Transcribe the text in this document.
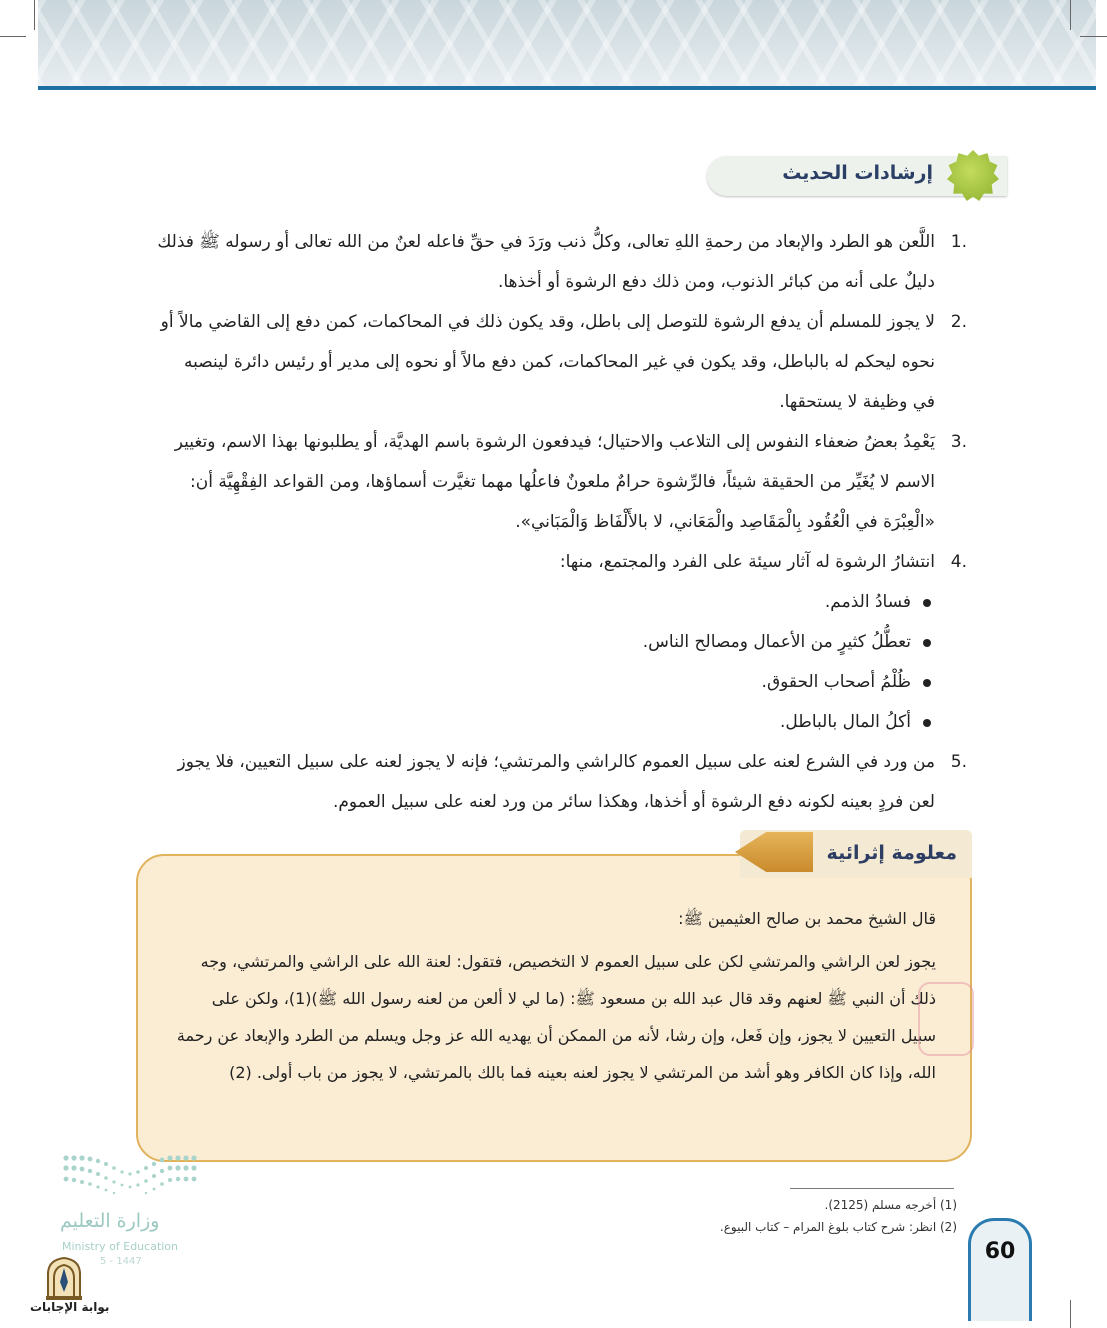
إرشادات الحديث
.1
اللَّعن هو الطرد والإبعاد من رحمةِ اللهِ تعالى، وكلُّ ذنب ورَدَ في حقِّ فاعله لعنٌ من الله تعالى أو رسوله ﷺ فذلك دليلٌ على أنه من كبائر الذنوب، ومن ذلك دفع الرشوة أو أخذها.
.2
لا يجوز للمسلم أن يدفع الرشوة للتوصل إلى باطل، وقد يكون ذلك في المحاكمات، كمن دفع إلى القاضي مالاً أو نحوه ليحكم له بالباطل، وقد يكون في غير المحاكمات، كمن دفع مالاً أو نحوه إلى مدير أو رئيس دائرة لينصبه في وظيفة لا يستحقها.
.3
يَعْمِدُ بعضُ ضعفاء النفوس إلى التلاعب والاحتيال؛ فيدفعون الرشوة باسم الهديَّة، أو يطلبونها بهذا الاسم، وتغيير الاسم لا يُغَيِّر من الحقيقة شيئاً، فالرِّشوة حرامٌ ملعونٌ فاعلُها مهما تغيَّرت أسماؤها، ومن القواعد الفِقْهِيَّة أن: «الْعِبْرَة في الْعُقُود بِالْمَقَاصِد والْمَعَاني، لا بالأَلْفَاظ وَالْمَبَاني».
.4
انتشارُ الرشوة له آثار سيئة على الفرد والمجتمع، منها:
فسادُ الذمم.
تعطُّلُ كثيرٍ من الأعمال ومصالح الناس.
ظُلْمُ أصحاب الحقوق.
أكلُ المال بالباطل.
.5
من ورد في الشرع لعنه على سبيل العموم كالراشي والمرتشي؛ فإنه لا يجوز لعنه على سبيل التعيين، فلا يجوز لعن فردٍ بعينه لكونه دفع الرشوة أو أخذها، وهكذا سائر من ورد لعنه على سبيل العموم.

قال الشيخ محمد بن صالح العثيمين ﷺ:

يجوز لعن الراشي والمرتشي لكن على سبيل العموم لا التخصيص، فتقول: لعنة الله على الراشي والمرتشي، وجه ذلك أن النبي ﷺ لعنهم وقد قال عبد الله بن مسعود ﷺ: (ما لي لا ألعن من لعنه رسول الله ﷺ)(1)، ولكن على سبيل التعيين لا يجوز، وإن فَعل، وإن رشا، لأنه من الممكن أن يهديه الله عز وجل ويسلم من الطرد والإبعاد عن رحمة الله، وإذا كان الكافر وهو أشد من المرتشي لا يجوز لعنه بعينه فما بالك بالمرتشي، لا يجوز من باب أولى. (2)

معلومة إثرائية
(1) أخرجه مسلم (2125).
(2) انظر: شرح كتاب بلوغ المرام – كتاب البيوع.
60
وزارة التعليم
Ministry of Education
5 - 1447
بوابة الإجابات
